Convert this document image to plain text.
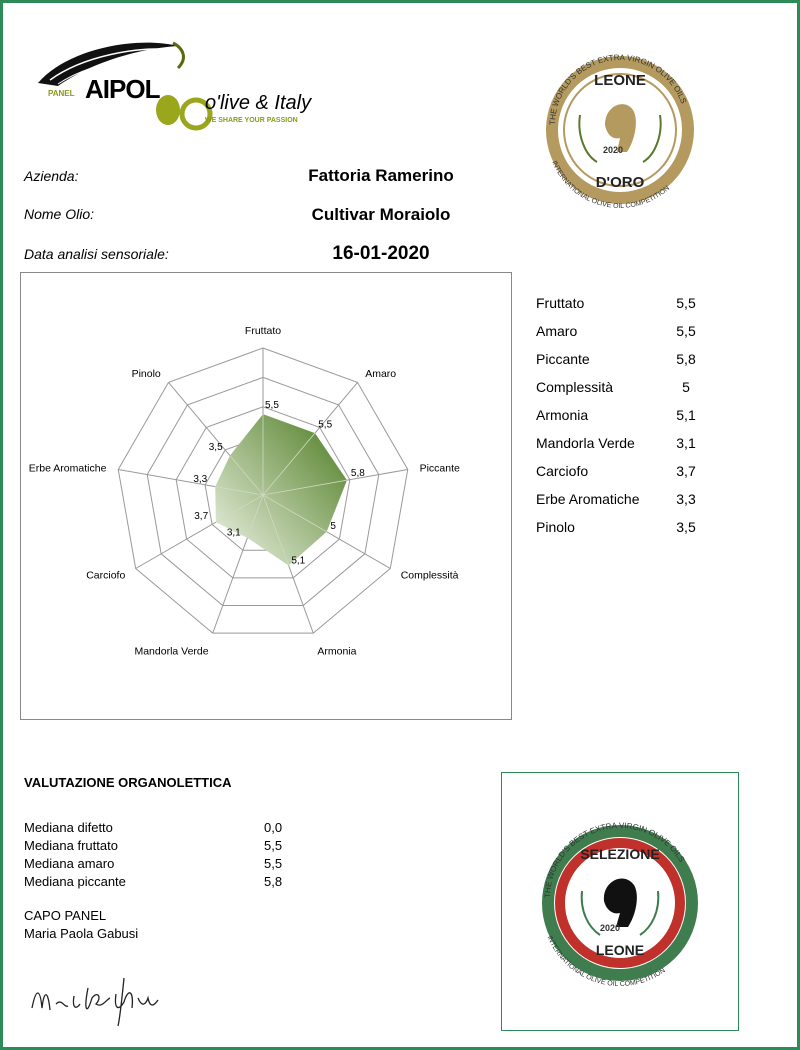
PANEL AIPOL o'live & Italy
WE SHARE YOUR PASSION	THE WORLD'S BEST EXTRA VIRGIN OLIVE OILS
INTERNATIONAL OLIVE OIL COMPETITION
LEONE
D'ORO
2020
Azienda:	Fattoria Ramerino
Nome Olio:	Cultivar Moraiolo
Data analisi sensoriale:	16-01-2020
5,5
5,5
5,8
5
5,1
3,1
3,7
3,3
3,5
Fruttato
Amaro
Piccante
Complessità
Armonia
Mandorla Verde
Carciofo
Erbe Aromatiche
Pinolo
Fruttato	5,5
Amaro	5,5
Piccante	5,8
Complessità	5
Armonia	5,1
Mandorla Verde	3,1
Carciofo	3,7
Erbe Aromatiche	3,3
Pinolo	3,5
VALUTAZIONE ORGANOLETTICA
Mediana difetto	0,0
Mediana fruttato	5,5
Mediana amaro	5,5
Mediana piccante	5,8
CAPO PANEL
Maria Paola Gabusi
THE WORLD'S BEST EXTRA VIRGIN OLIVE OILS
INTERNATIONAL OLIVE OIL COMPETITION
SELEZIONE
LEONE
2020
